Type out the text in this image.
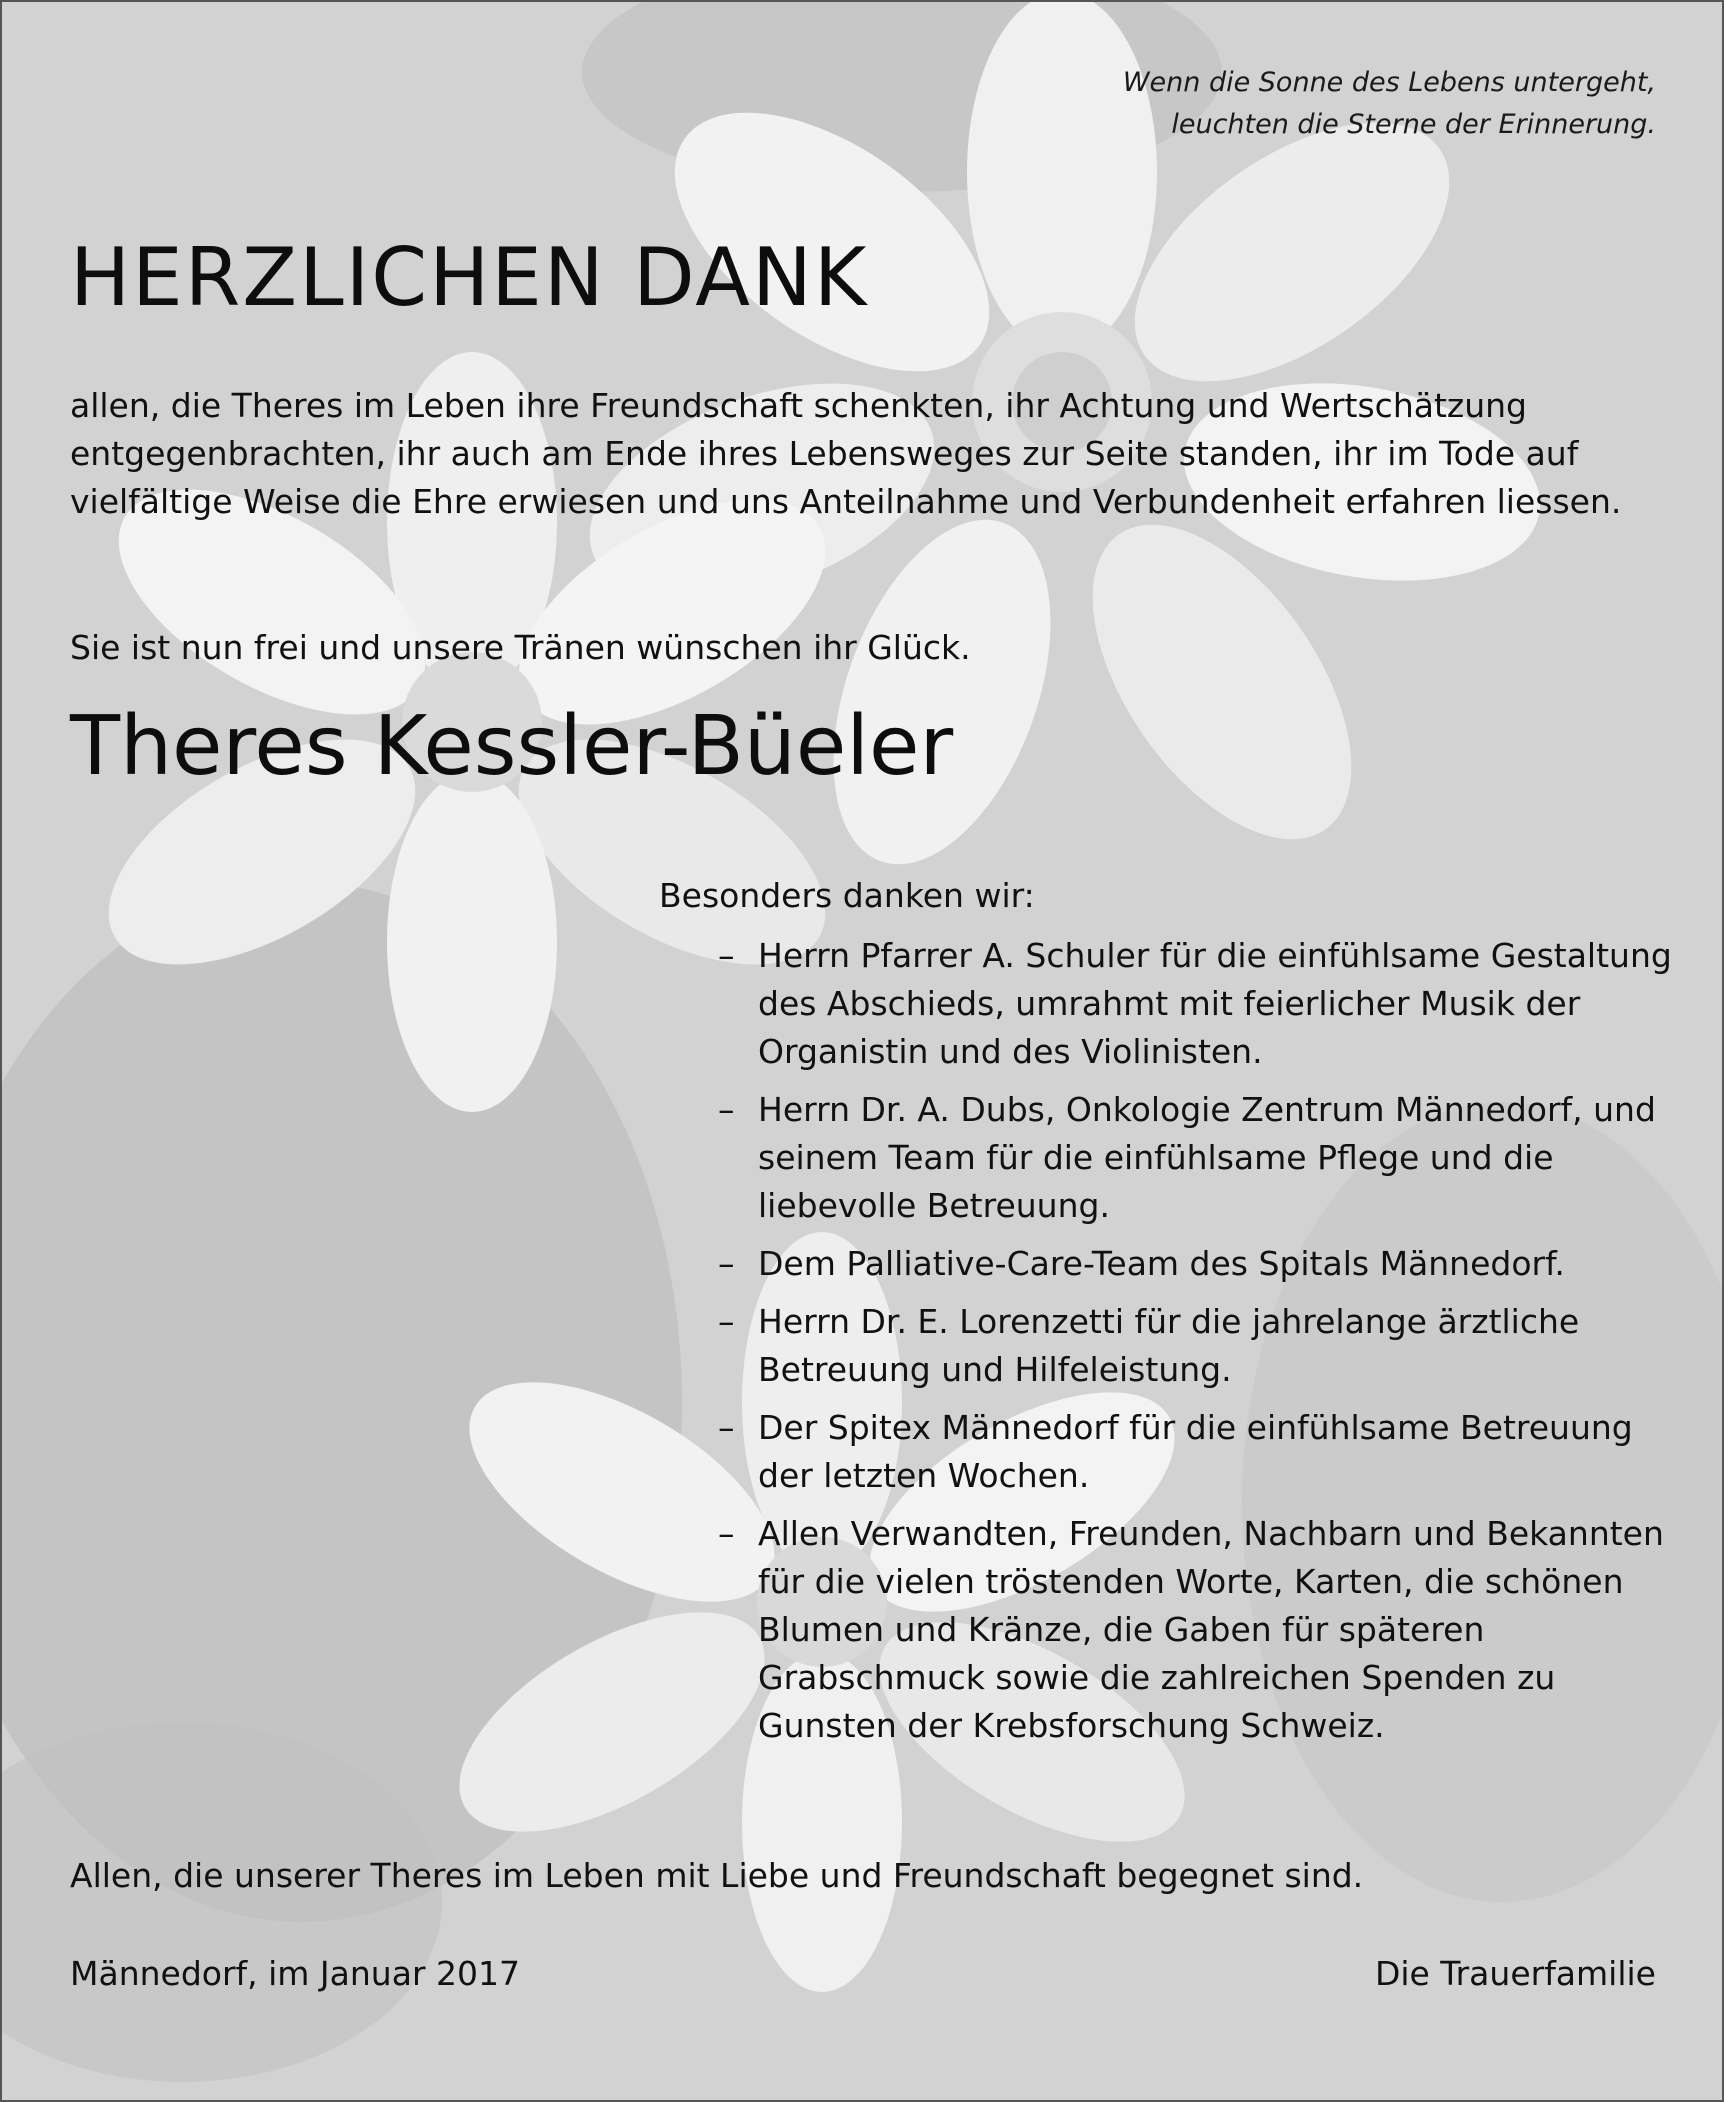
Wenn die Sonne des Lebens untergeht,
leuchten die Sterne der Erinnerung.
HERZLICHEN DANK

allen, die Theres im Leben ihre Freundschaft schenkten, ihr Achtung und Wertschätzung entgegenbrachten, ihr auch am Ende ihres Lebensweges zur Seite standen, ihr im Tode auf vielfältige Weise die Ehre erwiesen und uns Anteilnahme und Verbundenheit erfahren liessen.

Sie ist nun frei und unsere Tränen wünschen ihr Glück.

Theres Kessler-Büeler

Besonders danken wir:

– Herrn Pfarrer A. Schuler für die einfühlsame Gestaltung des Abschieds, umrahmt mit feierlicher Musik der Organistin und des Violinisten.
– Herrn Dr. A. Dubs, Onkologie Zentrum Männedorf, und seinem Team für die einfühlsame Pflege und die liebevolle Betreuung.
– Dem Palliative-Care-Team des Spitals Männedorf.
– Herrn Dr. E. Lorenzetti für die jahrelange ärztliche Betreuung und Hilfeleistung.
– Der Spitex Männedorf für die einfühlsame Betreuung der letzten Wochen.
– Allen Verwandten, Freunden, Nachbarn und Bekannten für die vielen tröstenden Worte, Karten, die schönen Blumen und Kränze, die Gaben für späteren Grabschmuck sowie die zahlreichen Spenden zu Gunsten der Krebsforschung Schweiz.

Allen, die unserer Theres im Leben mit Liebe und Freundschaft begegnet sind.

Männedorf, im Januar 2017	Die Trauerfamilie
